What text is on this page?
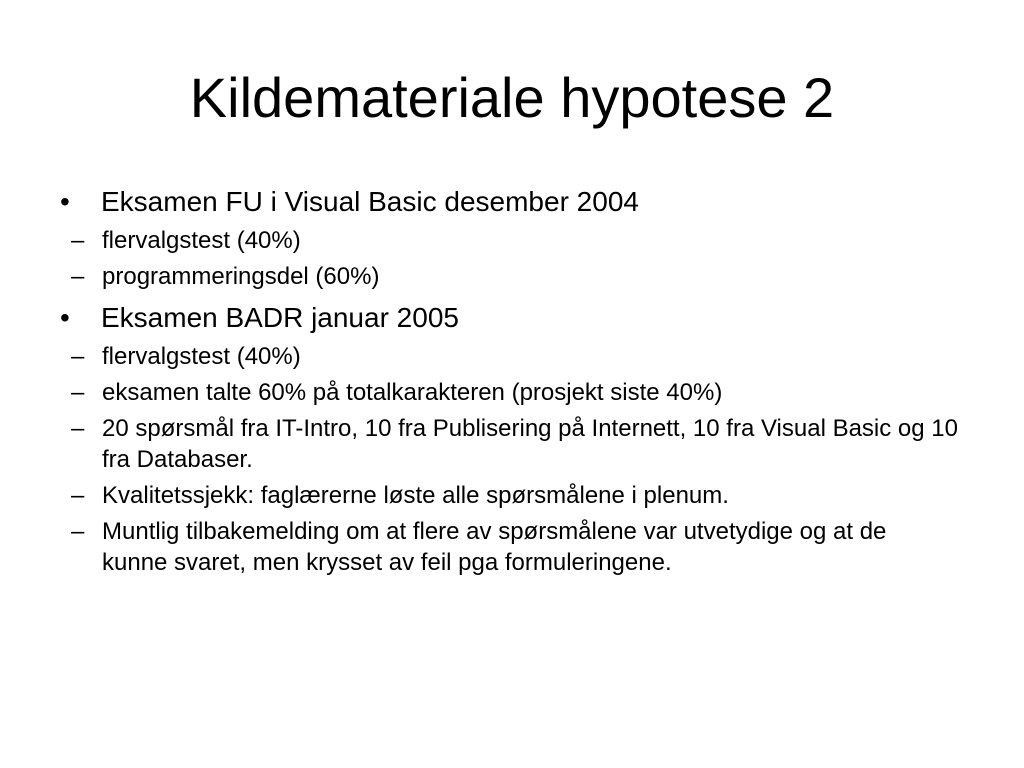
Kildemateriale hypotese 2
•	Eksamen FU i Visual Basic desember 2004
– flervalgstest (40%)
– programmeringsdel (60%)
•	Eksamen BADR januar 2005
– flervalgstest (40%)
– eksamen talte 60% på totalkarakteren (prosjekt siste 40%)
– 20 spørsmål fra IT-Intro, 10 fra Publisering på Internett, 10 fra Visual Basic og 10 fra Databaser.
– Kvalitetssjekk: faglærerne løste alle spørsmålene i plenum.
– Muntlig tilbakemelding om at flere av spørsmålene var utvetydige og at de kunne svaret, men krysset av feil pga formuleringene.
